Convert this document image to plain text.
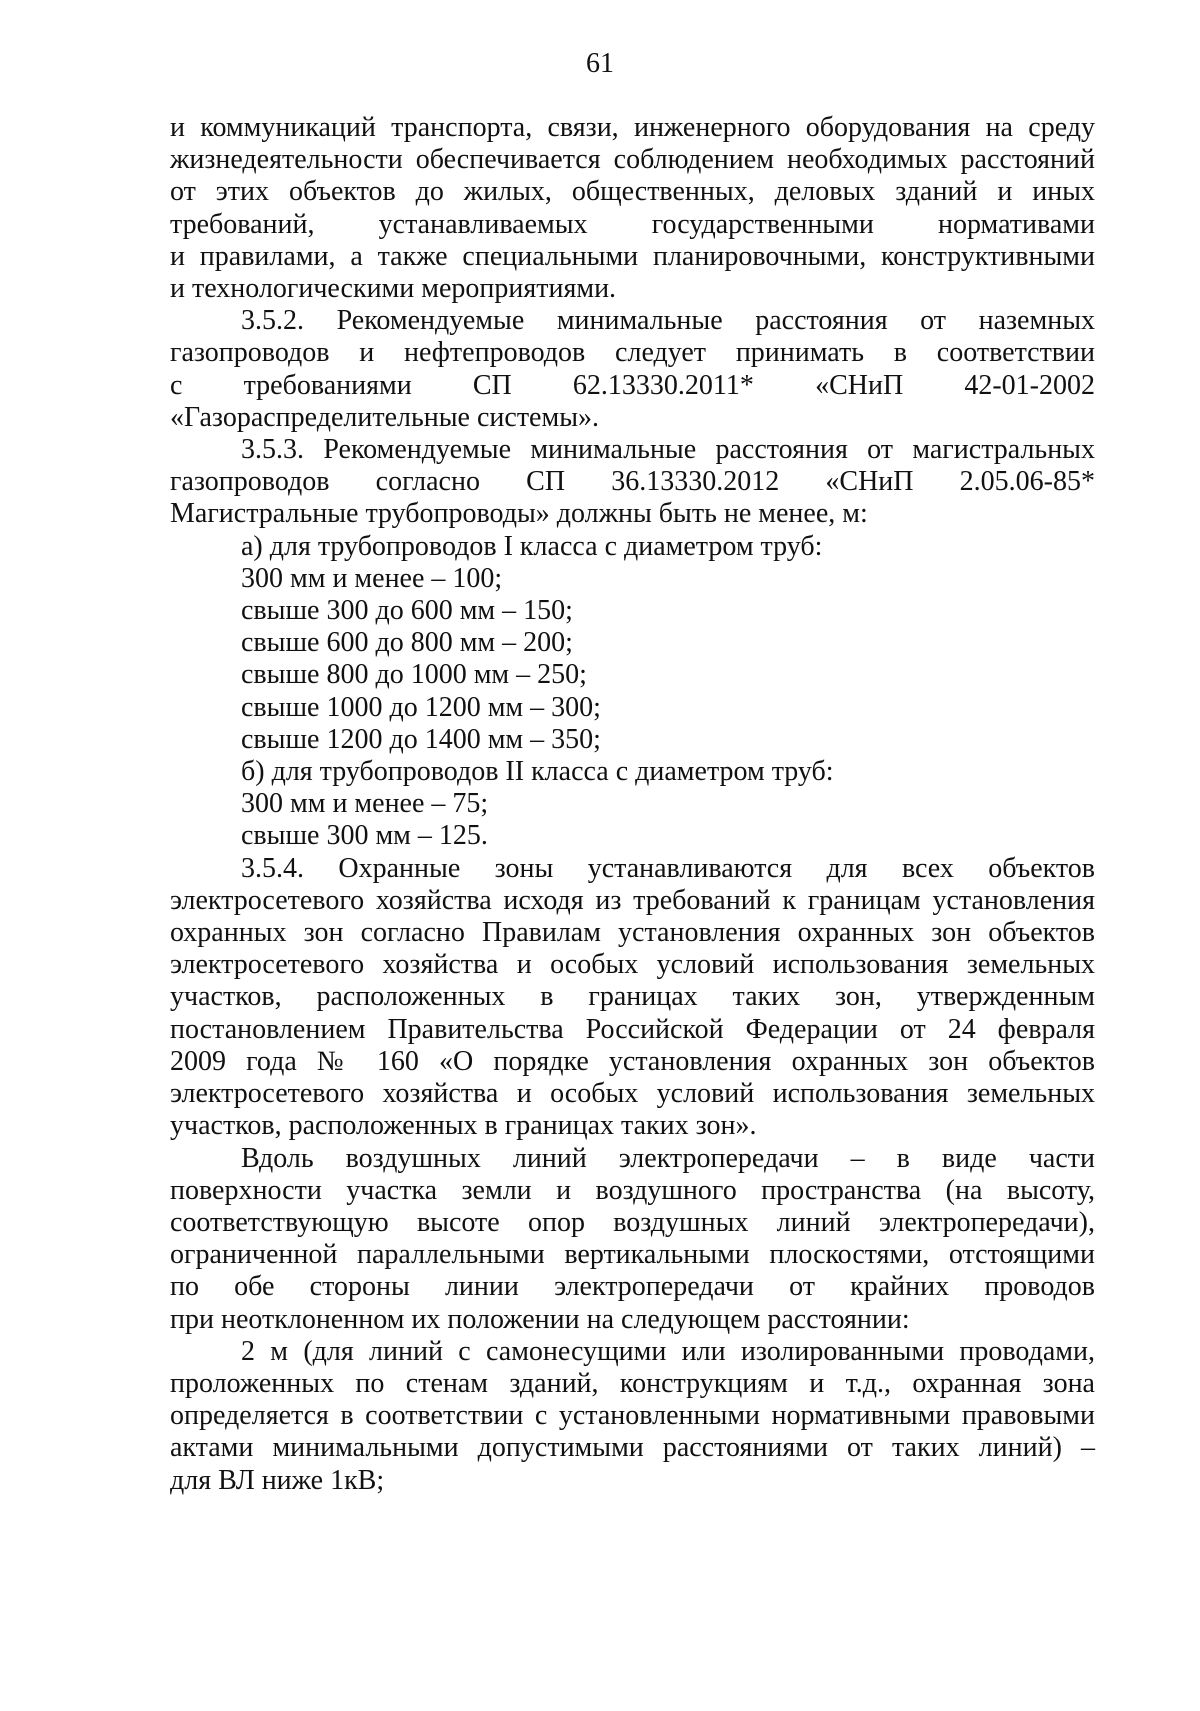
61

и коммуникаций транспорта, связи, инженерного оборудования на среду

жизнедеятельности обеспечивается соблюдением необходимых расстояний

от этих объектов до жилых, общественных, деловых зданий и иных

требований, устанавливаемых государственными нормативами

и правилами, а также специальными планировочными, конструктивными

и технологическими мероприятиями.

3.5.2. Рекомендуемые минимальные расстояния от наземных

газопроводов и нефтепроводов следует принимать в соответствии

с требованиями СП 62.13330.2011* «СНиП 42-01-2002

«Газораспределительные системы».

3.5.3. Рекомендуемые минимальные расстояния от магистральных

газопроводов согласно СП 36.13330.2012 «СНиП 2.05.06-85*

Магистральные трубопроводы» должны быть не менее, м:

а) для трубопроводов I класса с диаметром труб:

300 мм и менее – 100;

свыше 300 до 600 мм – 150;

свыше 600 до 800 мм – 200;

свыше 800 до 1000 мм – 250;

свыше 1000 до 1200 мм – 300;

свыше 1200 до 1400 мм – 350;

б) для трубопроводов II класса с диаметром труб:

300 мм и менее – 75;

свыше 300 мм – 125.

3.5.4. Охранные зоны устанавливаются для всех объектов

электросетевого хозяйства исходя из требований к границам установления

охранных зон согласно Правилам установления охранных зон объектов

электросетевого хозяйства и особых условий использования земельных

участков, расположенных в границах таких зон, утвержденным

постановлением Правительства Российской Федерации от 24 февраля

2009 года № 160 «О порядке установления охранных зон объектов

электросетевого хозяйства и особых условий использования земельных

участков, расположенных в границах таких зон».

Вдоль воздушных линий электропередачи – в виде части

поверхности участка земли и воздушного пространства (на высоту,

соответствующую высоте опор воздушных линий электропередачи),

ограниченной параллельными вертикальными плоскостями, отстоящими

по обе стороны линии электропередачи от крайних проводов

при неотклоненном их положении на следующем расстоянии:

2 м (для линий с самонесущими или изолированными проводами,

проложенных по стенам зданий, конструкциям и т.д., охранная зона

определяется в соответствии с установленными нормативными правовыми

актами минимальными допустимыми расстояниями от таких линий) –

для ВЛ ниже 1кВ;
